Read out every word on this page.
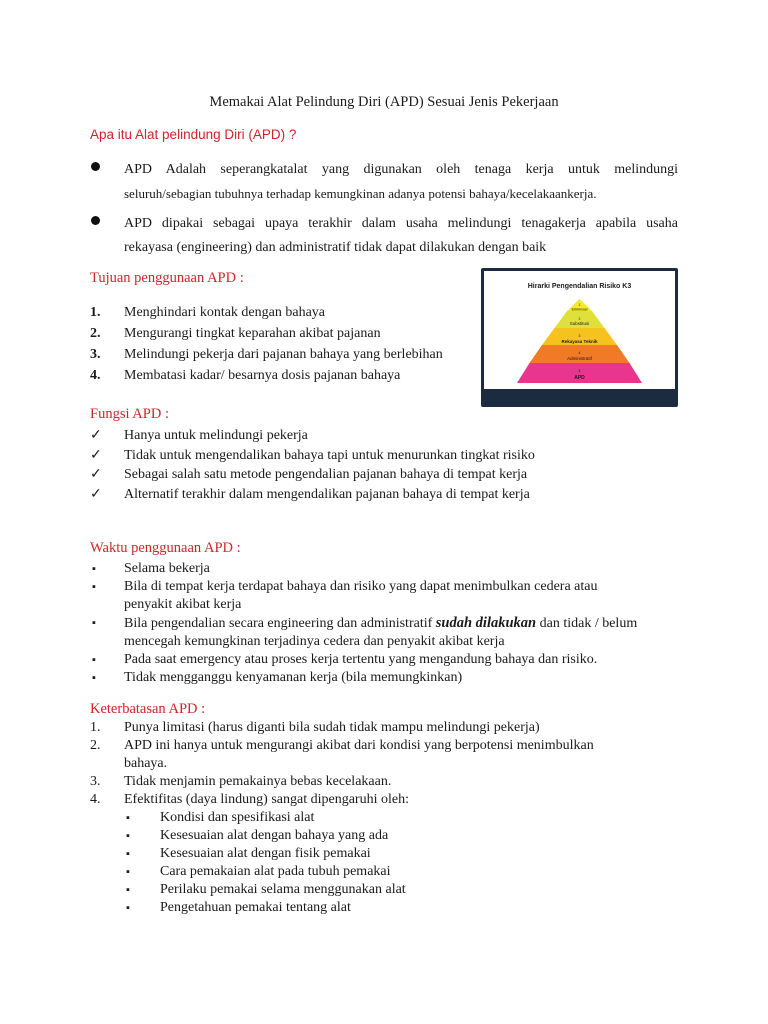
Memakai Alat Pelindung Diri (APD) Sesuai Jenis Pekerjaan
Apa itu Alat pelindung Diri (APD) ?
APD Adalah seperangkatalat yang digunakan oleh tenaga kerja untuk melindungi
seluruh/sebagian tubuhnya terhadap kemungkinan adanya potensi bahaya/kecelakaankerja.
APD dipakai sebagai upaya terakhir dalam usaha melindungi tenagakerja apabila usaha
rekayasa (engineering) dan administratif tidak dapat dilakukan dengan baik
Tujuan penggunaan APD :
1. Menghindari kontak dengan bahaya
2. Mengurangi tingkat keparahan akibat pajanan
3. Melindungi pekerja dari pajanan bahaya yang berlebihan
4. Membatasi kadar/ besarnya dosis pajanan bahaya
Hirarki Pengendalian Risiko K3
1
Eliminasi
2
Substitusi
3
Rekayasa Teknik
4
Administratif
5
APD
Fungsi APD :
✓ Hanya untuk melindungi pekerja
✓ Tidak untuk mengendalikan bahaya tapi untuk menurunkan tingkat risiko
✓ Sebagai salah satu metode pengendalian pajanan bahaya di tempat kerja
✓ Alternatif terakhir dalam mengendalikan pajanan bahaya di tempat kerja
Waktu penggunaan APD :
▪ Selama bekerja
▪ Bila di tempat kerja terdapat bahaya dan risiko yang dapat menimbulkan cedera atau
penyakit akibat kerja
▪ Bila pengendalian secara engineering dan administratif sudah dilakukan dan tidak / belum
mencegah kemungkinan terjadinya cedera dan penyakit akibat kerja
▪ Pada saat emergency atau proses kerja tertentu yang mengandung bahaya dan risiko.
▪ Tidak mengganggu kenyamanan kerja (bila memungkinkan)
Keterbatasan APD :
1. Punya limitasi (harus diganti bila sudah tidak mampu melindungi pekerja)
2. APD ini hanya untuk mengurangi akibat dari kondisi yang berpotensi menimbulkan
bahaya.
3. Tidak menjamin pemakainya bebas kecelakaan.
4. Efektifitas (daya lindung) sangat dipengaruhi oleh:
▪ Kondisi dan spesifikasi alat
▪ Kesesuaian alat dengan bahaya yang ada
▪ Kesesuaian alat dengan fisik pemakai
▪ Cara pemakaian alat pada tubuh pemakai
▪ Perilaku pemakai selama menggunakan alat
▪ Pengetahuan pemakai tentang alat
